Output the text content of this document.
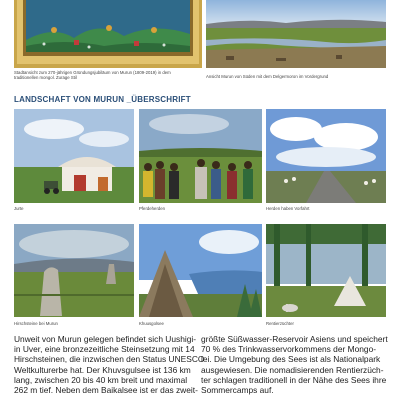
Stadtansicht zum 270-jährigen Gründungsjubiläum von Murun (1809-2019) in dem traditionellen mongol. Zurage Stil	Ansicht Murun von Süden mit dem Delgermoron im Vordergrund
LANDSCHAFT VON MURUN _ÜBERSCHRIFT
Jurte	Pferdeherden	Herden haben Vorfahrt
Hirschsteine bei Murun	Khuusgolsee	Rentierzüchter
Unweit von Murun gelegen befindet sich Uushigi-
in Uver, eine bronzezeitliche Steinsetzung mit 14
Hirschsteinen, die inzwischen den Status UNESCO
Weltkulturerbe hat. Der Khuvsgulsee ist 136 km
lang, zwischen 20 bis 40 km breit und maximal
262 m tief. Neben dem Baikalsee ist er das zweit-
größte Süßwasser-Reservoir Asiens und speichert
70 % des Trinkwasservorkommens der Mongo-
lei. Die Umgebung des Sees ist als Nationalpark
ausgewiesen. Die nomadisierenden Rentierzüch-
ter schlagen traditionell in der Nähe des Sees ihre
Sommercamps auf.
